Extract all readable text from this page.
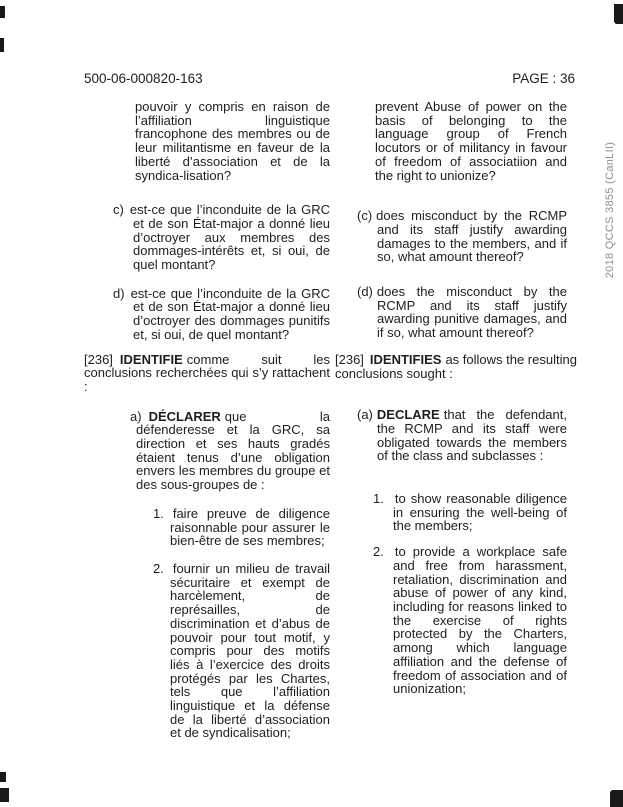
500-06-000820-163	PAGE : 36

pouvoir y compris en raison de l’affiliation linguistique francophone des membres ou de leur militantisme en faveur de la liberté d’association et de la syndica-lisation?

c) est-ce que l’inconduite de la GRC et de son État-major a donné lieu d’octroyer aux membres des dommages-intérêts et, si oui, de quel montant?

d) est-ce que l’inconduite de la GRC et de son État-major a donné lieu d’octroyer des dommages punitifs et, si oui, de quel montant?

[236] IDENTIFIE comme suit les conclusions recherchées qui s’y rattachent :

a) DÉCLARER que la défenderesse et la GRC, sa direction et ses hauts gradés étaient tenus d’une obligation envers les membres du groupe et des sous-groupes de :

1. faire preuve de diligence raisonnable pour assurer le bien-être de ses membres;

2. fournir un milieu de travail sécuritaire et exempt de harcèlement, de représailles, de discrimination et d’abus de pouvoir pour tout motif, y compris pour des motifs liés à l’exercice des droits protégés par les Chartes, tels que l’affiliation linguistique et la défense de la liberté d’association et de syndicalisation;

prevent Abuse of power on the basis of belonging to the language group of French locutors or of militancy in favour of freedom of associatiion and the right to unionize?

(c) does misconduct by the RCMP and its staff justify awarding damages to the members, and if so, what amount thereof?

(d) does the misconduct by the RCMP and its staff justify awarding punitive damages, and if so, what amount thereof?

[236] IDENTIFIES as follows the resulting conclusions sought :

(a) DECLARE that the defendant, the RCMP and its staff were obligated towards the members of the class and subclasses :

1. to show reasonable diligence in ensuring the well-being of the members;

2. to provide a workplace safe and free from harassment, retaliation, discrimination and abuse of power of any kind, including for reasons linked to the exercise of rights protected by the Charters, among which language affiliation and the defense of freedom of association and of unionization;

2018 QCCS 3855 (CanLII)
